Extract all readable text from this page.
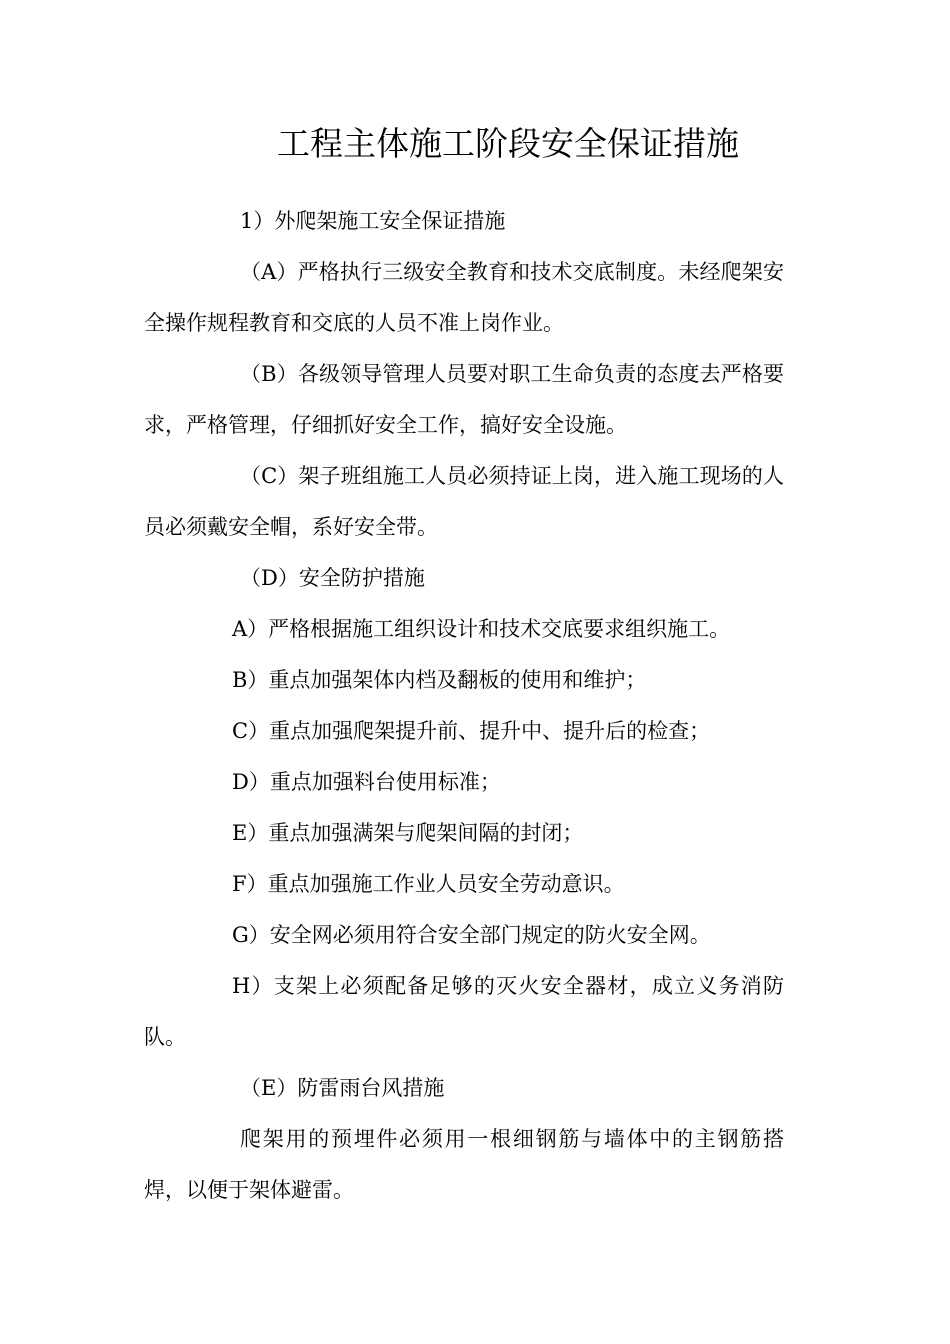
工程主体施工阶段安全保证措施

1）外爬架施工安全保证措施

（A）严格执行三级安全教育和技术交底制度。未经爬架安全操作规程教育和交底的人员不准上岗作业。

（B）各级领导管理人员要对职工生命负责的态度去严格要求，严格管理，仔细抓好安全工作，搞好安全设施。

（C）架子班组施工人员必须持证上岗，进入施工现场的人员必须戴安全帽，系好安全带。

（D）安全防护措施

A）严格根据施工组织设计和技术交底要求组织施工。

B）重点加强架体内档及翻板的使用和维护；

C）重点加强爬架提升前、提升中、提升后的检查；

D）重点加强料台使用标准；

E）重点加强满架与爬架间隔的封闭；

F）重点加强施工作业人员安全劳动意识。

G）安全网必须用符合安全部门规定的防火安全网。

H）支架上必须配备足够的灭火安全器材，成立义务消防队。

（E）防雷雨台风措施

爬架用的预埋件必须用一根细钢筋与墙体中的主钢筋搭焊，以便于架体避雷。
